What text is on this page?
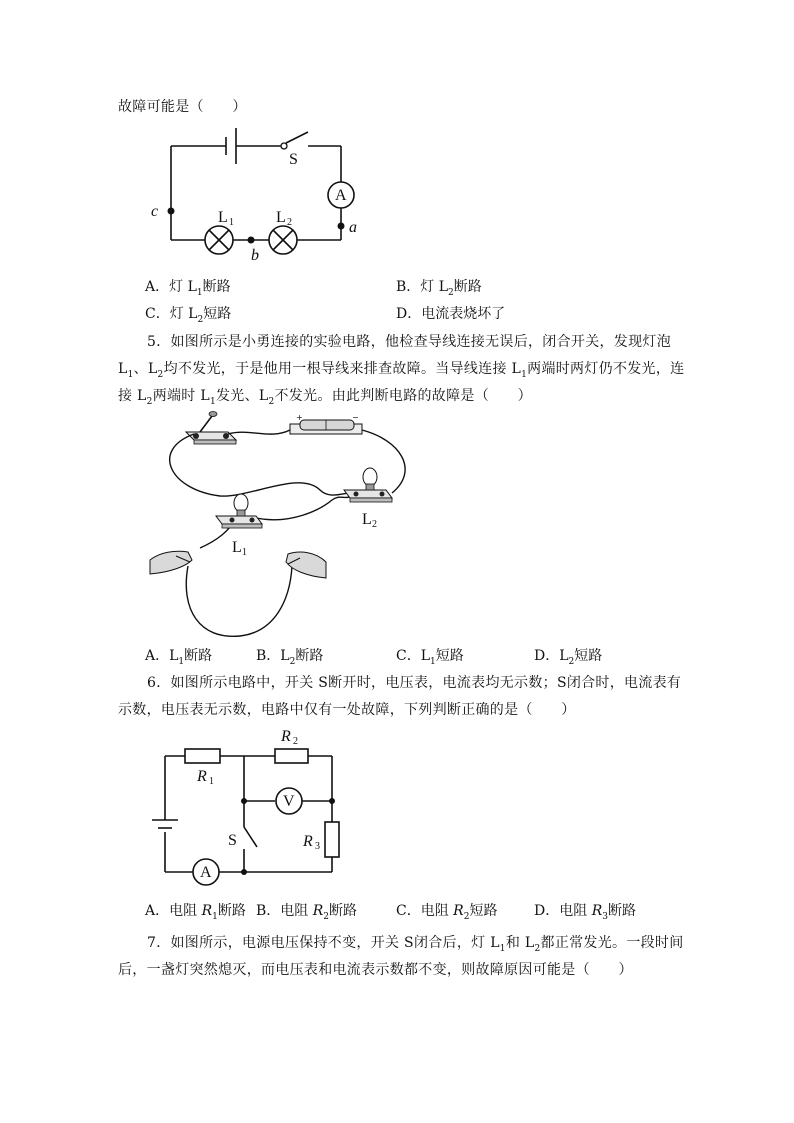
故障可能是（　　）
S
A
L 1	L 2
c
b
a
A．灯 $L_1$断路	B．灯 $L_2$断路
C．灯 $L_2$短路	D．电流表烧坏了
5．如图所示是小勇连接的实验电路，他检查导线连接无误后，闭合开关，发现灯泡
$L_1$、$L_2$均不发光，于是他用一根导线来排查故障。当导线连接 $L_1$两端时两灯仍不发光，连
接 $L_2$两端时 $L_1$发光、$L_2$不发光。由此判断电路的故障是（　　）
+	−
L 1
L 2
A．$L_1$断路	B．$L_2$断路	C．$L_1$短路	D．$L_2$短路
6．如图所示电路中，开关 S断开时，电压表，电流表均无示数；S闭合时，电流表有
示数，电压表无示数，电路中仅有一处故障，下列判断正确的是（　　）
R 1
R 2
R 3
V
A
S
A．电阻 $R_1$断路 B．电阻 $R_2$断路	C．电阻 $R_2$短路	D．电阻 $R_3$断路
7．如图所示，电源电压保持不变，开关 S闭合后，灯 $L_1$和 $L_2$都正常发光。一段时间
后，一盏灯突然熄灭，而电压表和电流表示数都不变，则故障原因可能是（　　）
